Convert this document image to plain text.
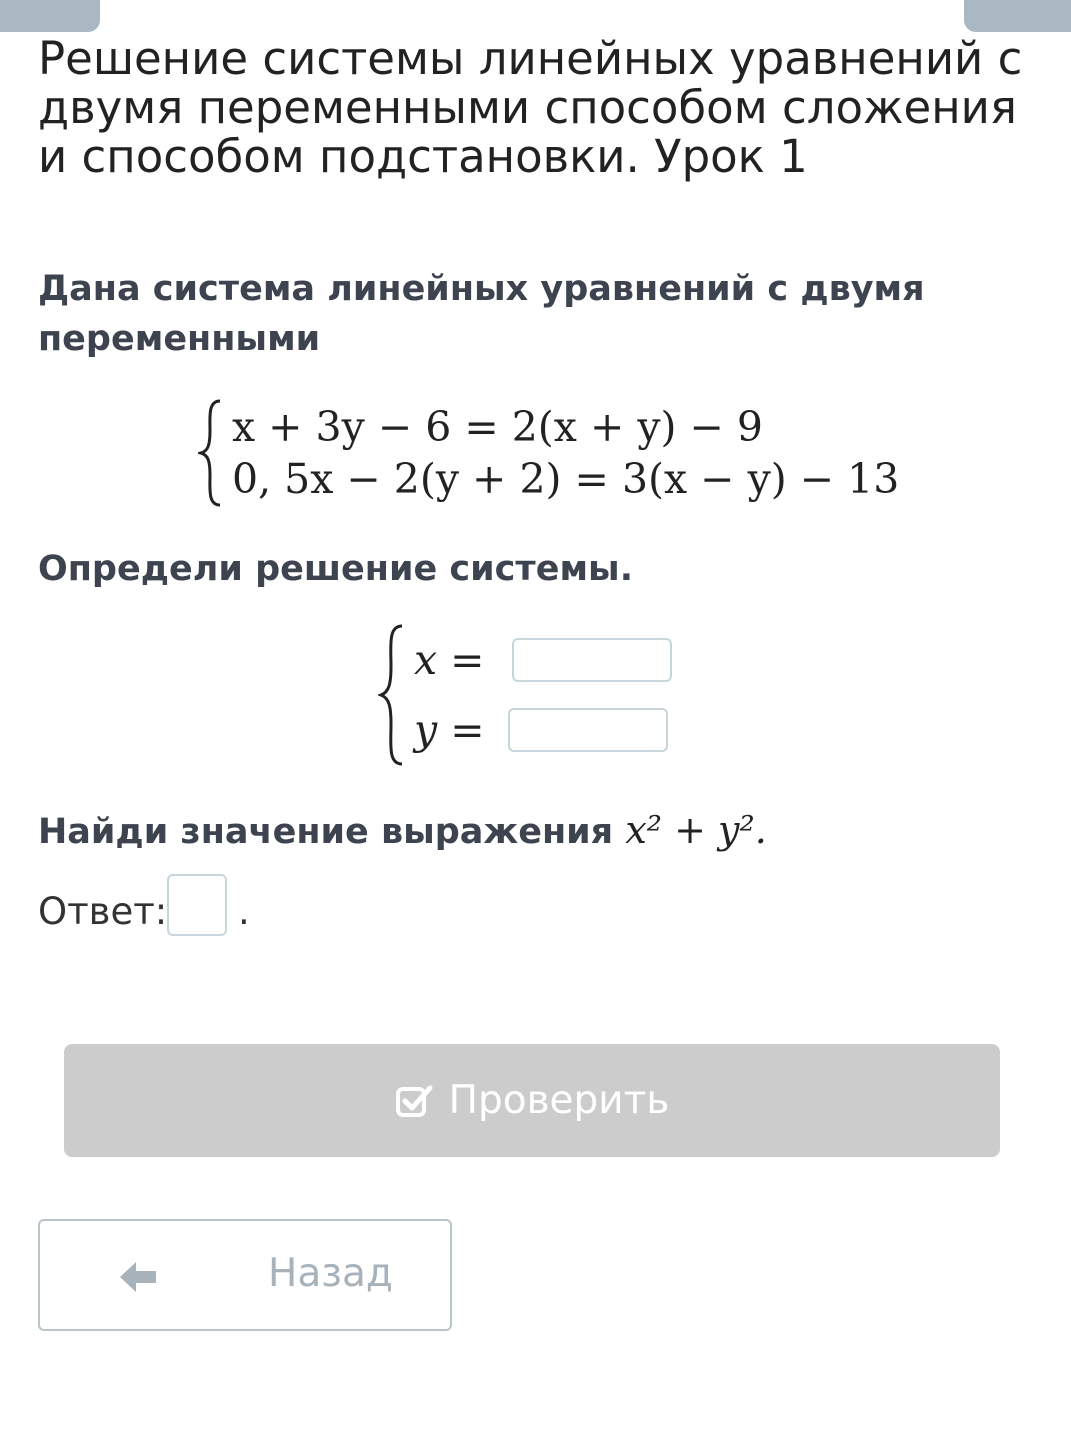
Решение системы линейных уравнений с двумя переменными способом сложения и способом подстановки. Урок 1

Дана система линейных уравнений с двумя переменными

x + 3y − 6 = 2(x + y) − 9
0, 5x − 2(y + 2) = 3(x − y) − 13

Определи решение системы.

x =
y =

Найди значение выражения x² + y².

Ответ: .
Проверить
Назад
